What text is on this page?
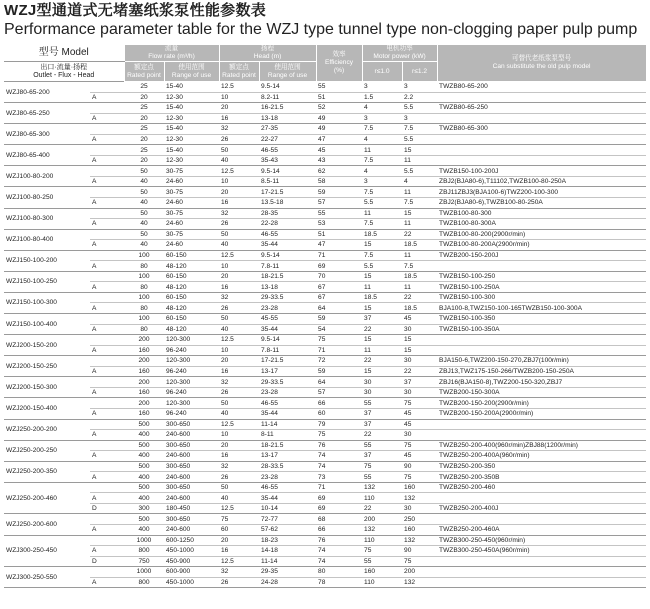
WZJ型通道式无堵塞纸浆泵性能参数表
Performance parameter table for the WZJ type tunnel type non-clogging paper pulp pump
型号 Model		流量
Flow rate (m³/h)		扬程
Head (m)		效率
Efficiency
(%)	电机功率
Motor power (kW)		可替代老纸浆泵型号
Can substitute the old pulp model

		额定点
Rated point	使用范围
Range of use	额定点
Rated point	使用范围
Range of use		r≤1.0	r≤1.2	

出口·流量·扬程
Outlet - Flux - Head									

WZJ80-65-200		25	15-40	12.5	9.5-14	55	3	3	TWZB80-65-200
	A	20	12-30	10	8.2-11	51	1.5	2.2	
WZJ80-65-250		25	15-40	20	16-21.5	52	4	5.5	TWZB80-65-250
	A	20	12-30	16	13-18	49	3	3	
WZJ80-65-300		25	15-40	32	27-35	49	7.5	7.5	TWZB80-65-300
	A	20	12-30	26	22-27	47	4	5.5	
WZJ80-65-400		25	15-40	50	46-55	45	11	15	
	A	20	12-30	40	35-43	43	7.5	11	
WZJ100-80-200		50	30-75	12.5	9.5-14	62	4	5.5	TWZB150-100-200J
	A	40	24-60	10	8.5-11	58	3	4	ZBJ2(BJA80-6),T11102,TWZB100-80-250A
WZJ100-80-250		50	30-75	20	17-21.5	59	7.5	11	ZBJ11ZBJ3(BJA100-6)TWZ200-100-300
	A	40	24-60	16	13.5-18	57	5.5	7.5	ZBJ2(BJA80-6),TWZB100-80-250A
WZJ100-80-300		50	30-75	32	28-35	55	11	15	TWZB100-80-300
	A	40	24-60	26	22-28	53	7.5	11	TWZB100-80-300A
WZJ100-80-400		50	30-75	50	46-55	51	18.5	22	TWZB100-80-200(2900r/min)
	A	40	24-60	40	35-44	47	15	18.5	TWZB100-80-200A(2900r/min)
WZJ150-100-200		100	60-150	12.5	9.5-14	71	7.5	11	TWZB200-150-200J
	A	80	48-120	10	7.8-11	69	5.5	7.5	
WZJ150-100-250		100	60-150	20	18-21.5	70	15	18.5	TWZB150-100-250
	A	80	48-120	16	13-18	67	11	11	TWZB150-100-250A
WZJ150-100-300		100	60-150	32	29-33.5	67	18.5	22	TWZB150-100-300
	A	80	48-120	26	23-28	64	15	18.5	BJA100-8,TWZ150-100-165TWZB150-100-300A
WZJ150-100-400		100	60-150	50	45-55	59	37	45	TWZB150-100-350
	A	80	48-120	40	35-44	54	22	30	TWZB150-100-350A
WZJ200-150-200		200	120-300	12.5	9.5-14	75	15	15	
	A	160	96-240	10	7.8-11	71	11	15	
WZJ200-150-250		200	120-300	20	17-21.5	72	22	30	BJA150-6,TWZ200-150-270,ZBJ7(100r/min)
	A	160	96-240	16	13-17	59	15	22	ZBJ13,TWZ175-150-266/TWZB200-150-250A
WZJ200-150-300		200	120-300	32	29-33.5	64	30	37	ZBJ16(BJA150-8),TWZ200-150-320,ZBJ7
	A	160	96-240	26	23-28	57	30	30	TWZB200-150-300A
WZJ200-150-400		200	120-300	50	46-55	66	55	75	TWZB200-150-200(2900r/min)
	A	160	96-240	40	35-44	60	37	45	TWZB200-150-200A(2900r/min)
WZJ250-200-200		500	300-650	12.5	11-14	79	37	45	
	A	400	240-600	10	8-11	75	22	30	
WZJ250-200-250		500	300-650	20	18-21.5	76	55	75	TWZB250-200-400(960r/min)ZBJ88(1200r/min)
	A	400	240-600	16	13-17	74	37	45	TWZB250-200-400A(960r/min)
WZJ250-200-350		500	300-650	32	28-33.5	74	75	90	TWZB250-200-350
	A	400	240-600	26	23-28	73	55	75	TWZB250-200-350B
WZJ250-200-460		500	300-650	50	46-55	71	132	160	TWZB250-200-460
	A	400	240-600	40	35-44	69	110	132	
	D	300	180-450	12.5	10-14	69	22	30	TWZB250-200-400J
WZJ250-200-600		500	300-650	75	72-77	68	200	250	
	A	400	240-600	60	57-62	66	132	160	TWZB250-200-460A
WZJ300-250-450		1000	600-1250	20	18-23	76	110	132	TWZB300-250-450(960r/min)
	A	800	450-1000	16	14-18	74	75	90	TWZB300-250-450A(960r/min)
	D	750	450-900	12.5	11-14	74	55	75	
WZJ300-250-550		1000	600-900	32	29-35	80	160	200	
	A	800	450-1000	26	24-28	78	110	132	
